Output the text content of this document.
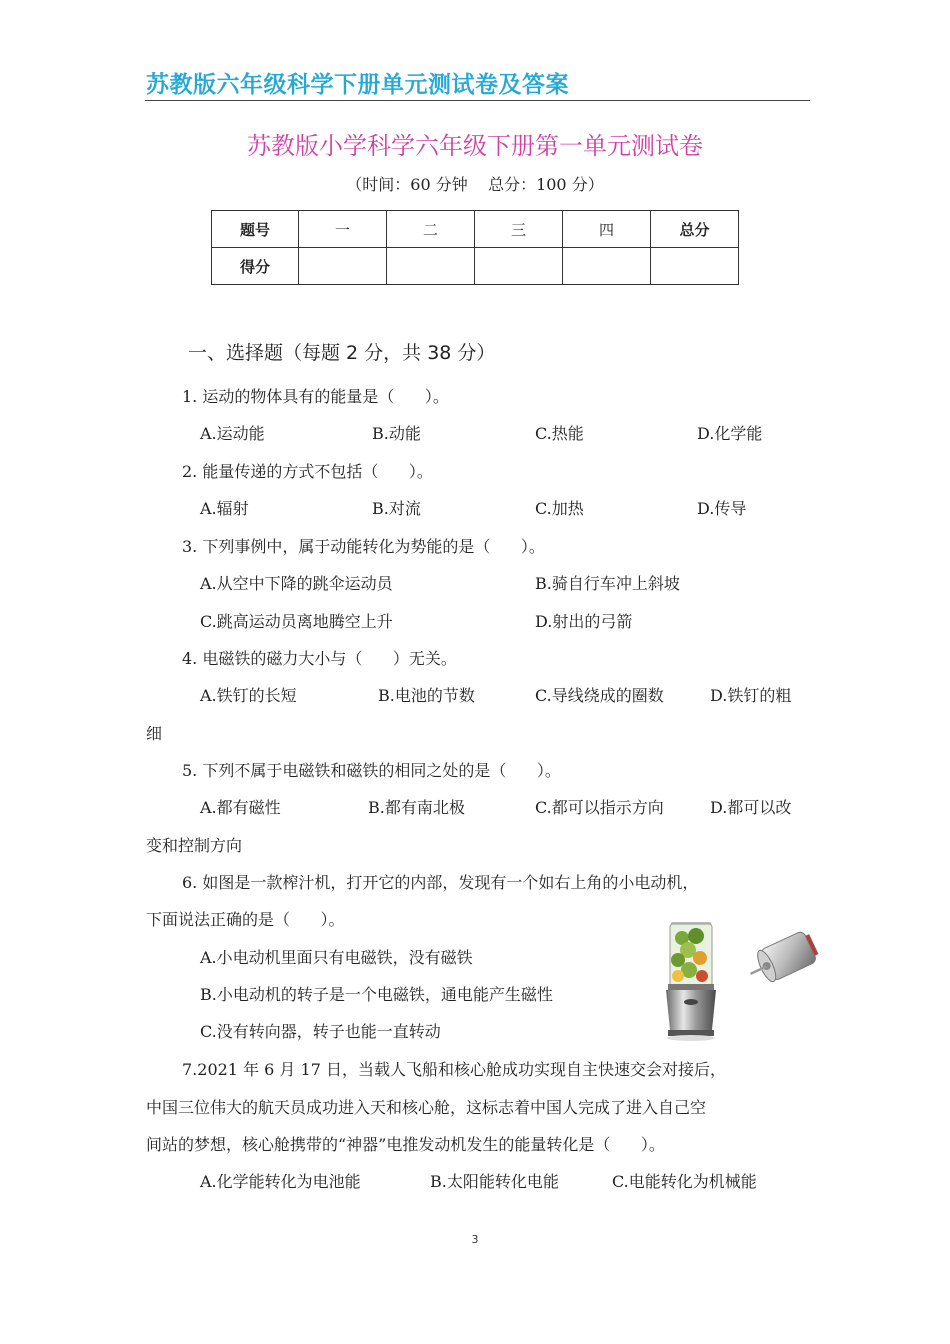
苏教版六年级科学下册单元测试卷及答案
苏教版小学科学六年级下册第一单元测试卷
（时间：60 分钟    总分：100 分）
题号	一	二	三	四	总分
得分					
一、选择题（每题 2 分，共 38 分）
1. 运动的物体具有的能量是（      ）。
A.运动能	B.动能	C.热能	D.化学能
2. 能量传递的方式不包括（      ）。
A.辐射	B.对流	C.加热	D.传导
3. 下列事例中，属于动能转化为势能的是（      ）。
A.从空中下降的跳伞运动员	B.骑自行车冲上斜坡
C.跳高运动员离地腾空上升	D.射出的弓箭
4. 电磁铁的磁力大小与（      ）无关。
A.铁钉的长短	B.电池的节数	C.导线绕成的圈数	D.铁钉的粗
细
5. 下列不属于电磁铁和磁铁的相同之处的是（      ）。
A.都有磁性	B.都有南北极	C.都可以指示方向	D.都可以改
变和控制方向
6. 如图是一款榨汁机，打开它的内部，发现有一个如右上角的小电动机，
下面说法正确的是（      ）。
A.小电动机里面只有电磁铁，没有磁铁
B.小电动机的转子是一个电磁铁，通电能产生磁性
C.没有转向器，转子也能一直转动
7.2021 年 6 月 17 日，当载人飞船和核心舱成功实现自主快速交会对接后，
中国三位伟大的航天员成功进入天和核心舱，这标志着中国人完成了进入自己空
间站的梦想，核心舱携带的“神器”电推发动机发生的能量转化是（      ）。
A.化学能转化为电池能	B.太阳能转化电能	C.电能转化为机械能
3
